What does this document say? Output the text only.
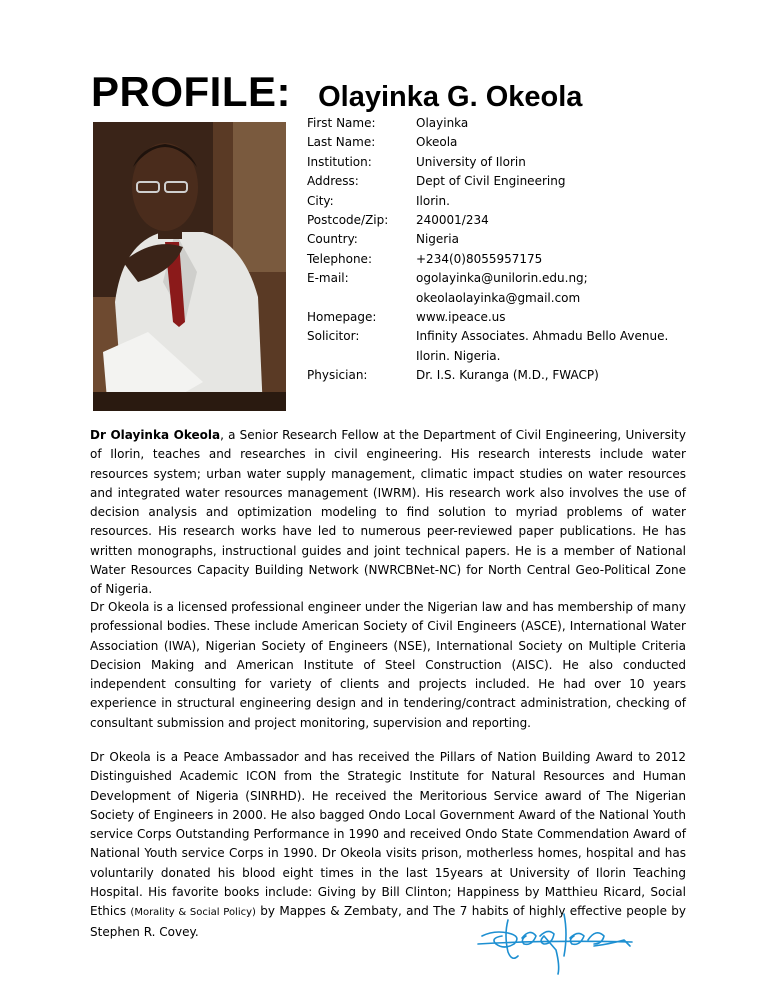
PROFILE: Olayinka G. Okeola
First Name:	Olayinka
Last Name:	Okeola
Institution:	University of Ilorin
Address:	Dept of Civil Engineering
City:	Ilorin.
Postcode/Zip:	240001/234
Country:	Nigeria
Telephone:	+234(0)8055957175
E-mail:	ogolayinka@unilorin.edu.ng;
okeolaolayinka@gmail.com
Homepage:	www.ipeace.us
Solicitor:	Infinity Associates. Ahmadu Bello Avenue.
Ilorin. Nigeria.
Physician:	Dr. I.S. Kuranga (M.D., FWACP)

Dr Olayinka Okeola, a Senior Research Fellow at the Department of Civil Engineering, University of Ilorin, teaches and researches in civil engineering. His research interests include water resources system; urban water supply management, climatic impact studies on water resources and integrated water resources management (IWRM). His research work also involves the use of decision analysis and optimization modeling to find solution to myriad problems of water resources. His research works have led to numerous peer-reviewed paper publications. He has written monographs, instructional guides and joint technical papers. He is a member of National Water Resources Capacity Building Network (NWRCBNet-NC) for North Central Geo-Political Zone of Nigeria.

Dr Okeola is a licensed professional engineer under the Nigerian law and has membership of many professional bodies. These include American Society of Civil Engineers (ASCE), International Water Association (IWA), Nigerian Society of Engineers (NSE), International Society on Multiple Criteria Decision Making and American Institute of Steel Construction (AISC). He also conducted independent consulting for variety of clients and projects included. He had over 10 years experience in structural engineering design and in tendering/contract administration, checking of consultant submission and project monitoring, supervision and reporting.

Dr Okeola is a Peace Ambassador and has received the Pillars of Nation Building Award to 2012 Distinguished Academic ICON from the Strategic Institute for Natural Resources and Human Development of Nigeria (SINRHD). He received the Meritorious Service award of The Nigerian Society of Engineers in 2000. He also bagged Ondo Local Government Award of the National Youth service Corps Outstanding Performance in 1990 and received Ondo State Commendation Award of National Youth service Corps in 1990. Dr Okeola visits prison, motherless homes, hospital and has voluntarily donated his blood eight times in the last 15years at University of Ilorin Teaching Hospital. His favorite books include: Giving by Bill Clinton; Happiness by Matthieu Ricard, Social Ethics (Morality & Social Policy) by Mappes & Zembaty, and The 7 habits of highly effective people by Stephen R. Covey.
